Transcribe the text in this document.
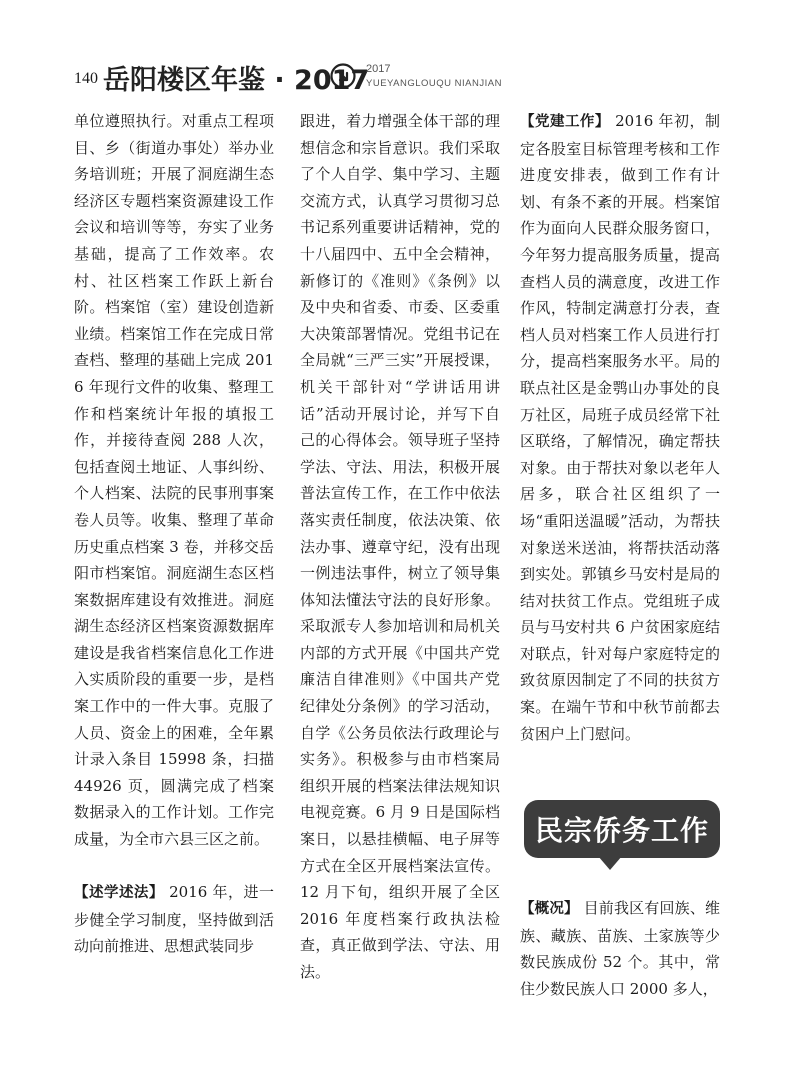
140 岳阳楼区年鉴 · 2017
2017
YUEYANGLOUQU NIANJIAN

单位遵照执行。对重点工程项目、乡（街道办事处）举办业务培训班；开展了洞庭湖生态经济区专题档案资源建设工作会议和培训等等，夯实了业务基础，提高了工作效率。农村、社区档案工作跃上新台阶。档案馆（室）建设创造新业绩。档案馆工作在完成日常查档、整理的基础上完成 2016 年现行文件的收集、整理工作和档案统计年报的填报工作，并接待查阅 288 人次，包括查阅土地证、人事纠纷、个人档案、法院的民事刑事案卷人员等。收集、整理了革命历史重点档案 3 卷，并移交岳阳市档案馆。洞庭湖生态区档案数据库建设有效推进。洞庭湖生态经济区档案资源数据库建设是我省档案信息化工作进入实质阶段的重要一步，是档案工作中的一件大事。克服了人员、资金上的困难，全年累计录入条目 15998 条，扫描 44926 页，圆满完成了档案数据录入的工作计划。工作完成量，为全市六县三区之前。

【述学述法】 2016 年，进一步健全学习制度，坚持做到活动向前推进、思想武装同步

跟进，着力增强全体干部的理想信念和宗旨意识。我们采取了个人自学、集中学习、主题交流方式，认真学习贯彻习总书记系列重要讲话精神，党的十八届四中、五中全会精神，新修订的《准则》《条例》以及中央和省委、市委、区委重大决策部署情况。党组书记在全局就“三严三实”开展授课，机关干部针对“学讲话用讲话”活动开展讨论，并写下自己的心得体会。领导班子坚持学法、守法、用法，积极开展普法宣传工作，在工作中依法落实责任制度，依法决策、依法办事、遵章守纪，没有出现一例违法事件，树立了领导集体知法懂法守法的良好形象。采取派专人参加培训和局机关内部的方式开展《中国共产党廉洁自律准则》《中国共产党纪律处分条例》的学习活动，自学《公务员依法行政理论与实务》。积极参与由市档案局组织开展的档案法律法规知识电视竞赛。6 月 9 日是国际档案日，以悬挂横幅、电子屏等方式在全区开展档案法宣传。12 月下旬，组织开展了全区 2016 年度档案行政执法检查，真正做到学法、守法、用法。

【党建工作】 2016 年初，制定各股室目标管理考核和工作进度安排表，做到工作有计划、有条不紊的开展。档案馆作为面向人民群众服务窗口，今年努力提高服务质量，提高查档人员的满意度，改进工作作风，特制定满意打分表，查档人员对档案工作人员进行打分，提高档案服务水平。局的联点社区是金鹗山办事处的良万社区，局班子成员经常下社区联络，了解情况，确定帮扶对象。由于帮扶对象以老年人居多，联合社区组织了一场“重阳送温暖”活动，为帮扶对象送米送油，将帮扶活动落到实处。郭镇乡马安村是局的结对扶贫工作点。党组班子成员与马安村共 6 户贫困家庭结对联点，针对每户家庭特定的致贫原因制定了不同的扶贫方案。在端午节和中秋节前都去贫困户上门慰问。

民宗侨务工作

【概况】 目前我区有回族、维族、藏族、苗族、土家族等少数民族成份 52 个。其中，常住少数民族人口 2000 多人，
